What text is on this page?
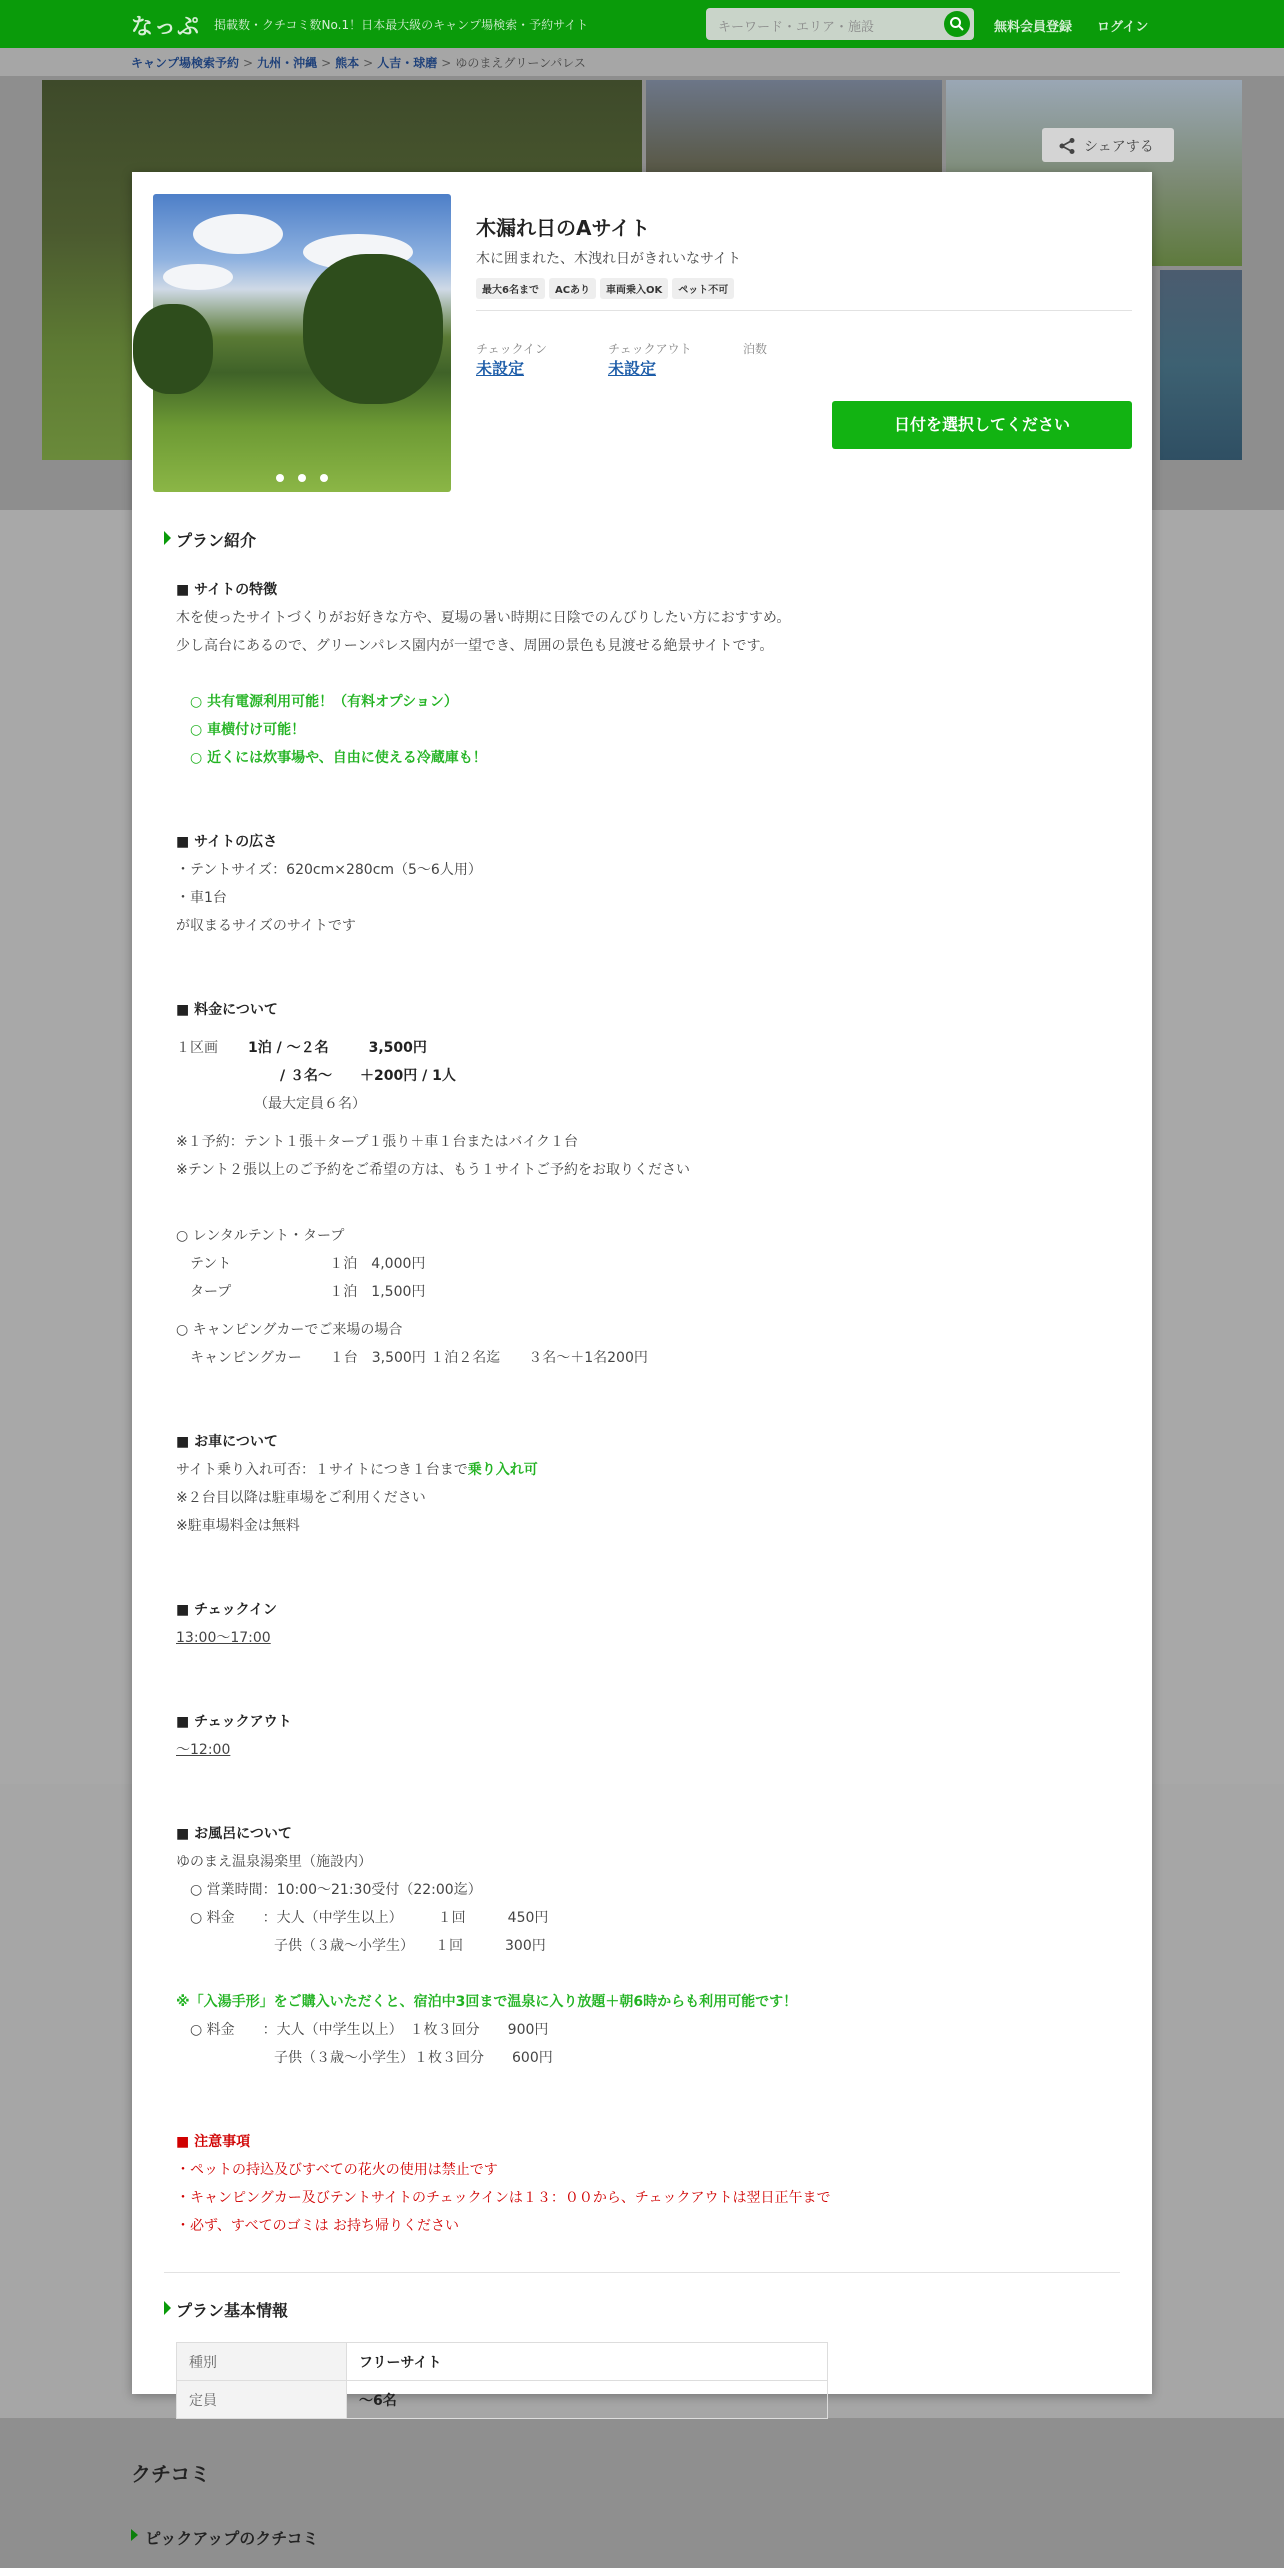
なっぷ 掲載数・クチコミ数No.1！日本最大級のキャンプ場検索・予約サイト	キーワード・エリア・施設	無料会員登録 ログイン
キャンプ場検索予約 > 九州・沖縄 > 熊本 > 人吉・球磨 > ゆのまえグリーンパレス
シェアする
クチコミ
ピックアップのクチコミ
木漏れ日のAサイト
木に囲まれた、木洩れ日がきれいなサイト
最大6名まで ACあり 車両乗入OK ペット不可
チェックイン
未設定
チェックアウト
未設定
泊数
日付を選択してください
プラン紹介

■ サイトの特徴

木を使ったサイトづくりがお好きな方や、夏場の暑い時期に日陰でのんびりしたい方におすすめ。

少し高台にあるので、グリーンパレス園内が一望でき、周囲の景色も見渡せる絶景サイトです。

○ 共有電源利用可能！（有料オプション）

○ 車横付け可能！

○ 近くには炊事場や、自由に使える冷蔵庫も！

■ サイトの広さ

・テントサイズ：620cm×280cm（5～6人用）

・車1台

が収まるサイズのサイトです

■ 料金について

１区画 1泊 / ～２名	3,500円

/ ３名～　　＋200円 / 1人

（最大定員６名）

※１予約：テント１張＋タープ１張り＋車１台またはバイク１台

※テント２張以上のご予約をご希望の方は、もう１サイトご予約をお取りください

○ レンタルテント・タープ

テント　　　　　　　１泊　4,000円

タープ　　　　　　　１泊　1,500円

○ キャンピングカーでご来場の場合

キャンピングカー　　１台　3,500円 １泊２名迄　　３名～＋1名200円

■ お車について

サイト乗り入れ可否：１サイトにつき１台まで乗り入れ可

※２台目以降は駐車場をご利用ください

※駐車場料金は無料

■ チェックイン

13:00〜17:00

■ チェックアウト

〜12:00

■ お風呂について

ゆのまえ温泉湯楽里（施設内）

　○ 営業時間：10:00～21:30受付（22:00迄）

　○ 料金　　：大人（中学生以上）　　　１回　　　450円

　　　　　　　子供（３歳～小学生）　　１回　　　300円

※「入湯手形」をご購入いただくと、宿泊中3回まで温泉に入り放題＋朝6時からも利用可能です！

　○ 料金　　：大人（中学生以上）　１枚３回分　　900円

　　　　　　　子供（３歳～小学生）１枚３回分　　600円

■ 注意事項

・ペットの持込及びすべての花火の使用は禁止です

・キャンピングカー及びテントサイトのチェックインは１３：００から、チェックアウトは翌日正午まで

・必ず、すべてのゴミは お持ち帰りください

プラン基本情報
種別	フリーサイト
定員	～6名
